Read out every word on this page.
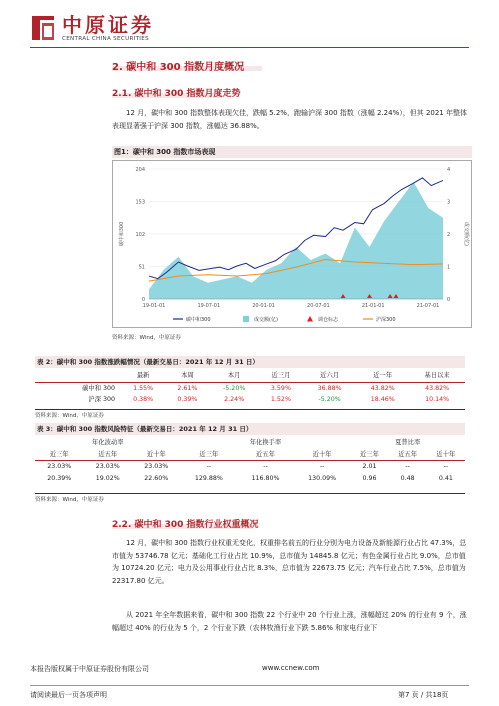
中原证券
CENTRAL CHINA SECURITIES
2. 碳中和 300 指数月度概况
2.1. 碳中和 300 指数月度走势
12 月，碳中和 300 指数整体表现欠佳，跌幅 5.2%，跑输沪深 300 指数（涨幅 2.24%），但其 2021 年整体表现显著强于沪深 300 指数，涨幅达 36.88%。
图1：碳中和 300 指数市场表现
0
51
102
153
204
0
1
2
3
4
19-01-01	19-07-01	20-01-01	20-07-01	21-01-01	21-07-01
碳中和300	成交额(亿)
碳中和300	成交额(亿)	调仓标志	沪深300
资料来源：Wind，中原证券
表 2：碳中和 300 指数涨跌幅情况（最新交易日：2021 年 12 月 31 日）
	最新	本周	本月	近三月	近六月	近一年	基日以来
碳中和 300	1.55%	2.61%	-5.20%	3.59%	36.88%	43.82%	43.82%
沪深 300	0.38%	0.39%	2.24%	1.52%	-5.20%	18.46%	10.14%
资料来源：Wind，中原证券
表 3：碳中和 300 指数风险特征（最新交易日：2021 年 12 月 31 日）
年化波动率			年化换手率			夏普比率		
近三年	近五年	近十年	近三年	近五年	近十年	近三年	近五年	近十年
23.03%	23.03%	23.03%	--	--	--	2.01	--	--
20.39%	19.02%	22.60%	129.88%	116.80%	130.09%	0.96	0.48	0.41
资料来源：Wind，中原证券
2.2. 碳中和 300 指数行业权重概况
12 月，碳中和 300 指数行业权重无变化，权重排名前五的行业分别为电力设备及新能源行业占比 47.3%，总市值为 53746.78 亿元；基础化工行业占比 10.9%，总市值为 14845.8 亿元；有色金属行业占比 9.0%，总市值为 10724.20 亿元；电力及公用事业行业占比 8.3%，总市值为 22673.75 亿元；汽车行业占比 7.5%，总市值为 22317.80 亿元。
从 2021 年全年数据来看，碳中和 300 指数 22 个行业中 20 个行业上涨，涨幅超过 20% 的行业有 9 个，涨幅超过 40% 的行业为 5 个，2 个行业下跌（农林牧渔行业下跌 5.86% 和家电行业下
本报告版权属于中原证券股份有限公司	www.ccnew.com
请阅读最后一页各项声明	第7 页 / 共18页
